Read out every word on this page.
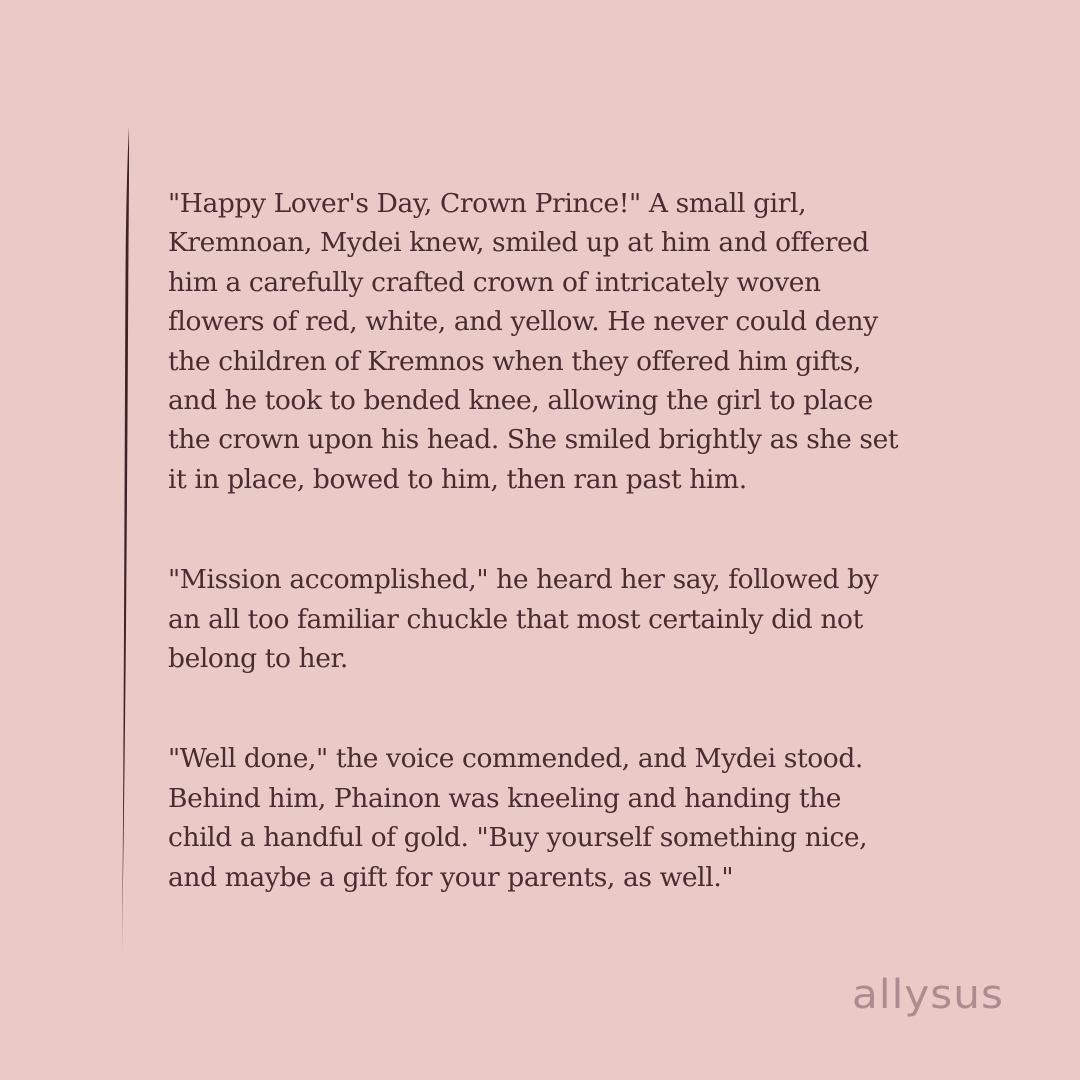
"Happy Lover's Day, Crown Prince!" A small girl,
Kremnoan, Mydei knew, smiled up at him and offered
him a carefully crafted crown of intricately woven
flowers of red, white, and yellow. He never could deny
the children of Kremnos when they offered him gifts,
and he took to bended knee, allowing the girl to place
the crown upon his head. She smiled brightly as she set
it in place, bowed to him, then ran past him.

"Mission accomplished," he heard her say, followed by
an all too familiar chuckle that most certainly did not
belong to her.

"Well done," the voice commended, and Mydei stood.
Behind him, Phainon was kneeling and handing the
child a handful of gold. "Buy yourself something nice,
and maybe a gift for your parents, as well."

allysus
